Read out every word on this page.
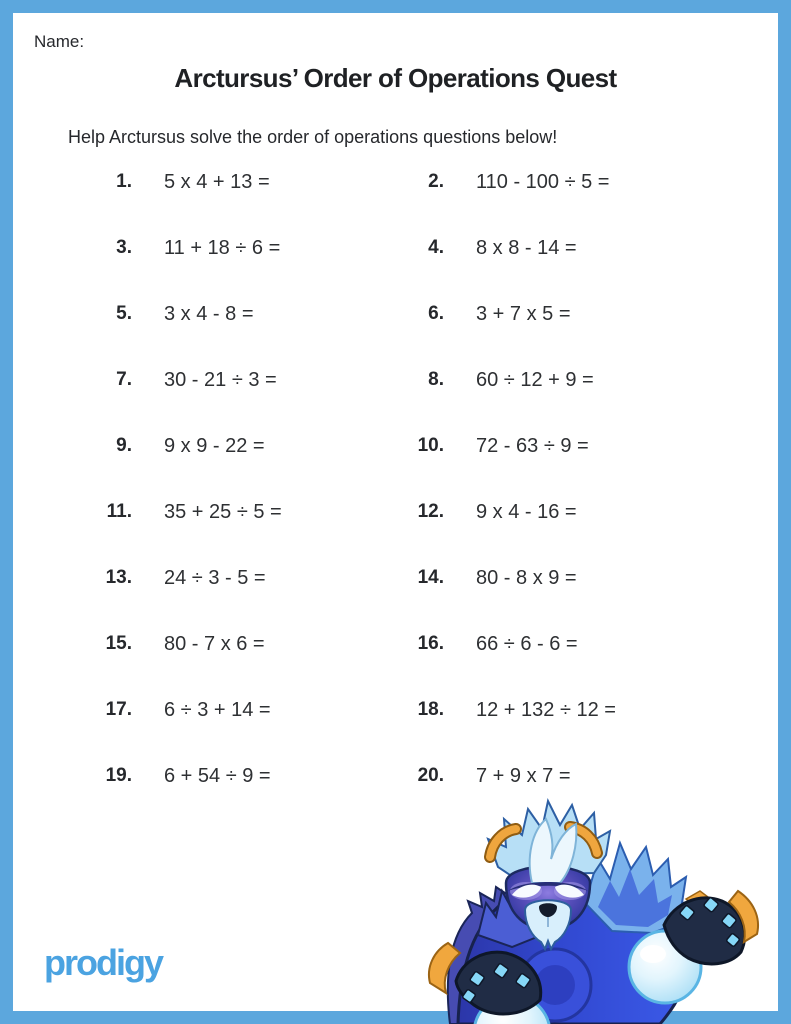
Name:
Arctursus’ Order of Operations Quest
Help Arctursus solve the order of operations questions below!
1. 5 x 4 + 13 =
3. 11 + 18 ÷ 6 =
5. 3 x 4 - 8 =
7. 30 - 21 ÷ 3 =
9. 9 x 9 - 22 =
11. 35 + 25 ÷ 5 =
13. 24 ÷ 3 - 5 =
15. 80 - 7 x 6 =
17. 6 ÷ 3 + 14 =
19. 6 + 54 ÷ 9 =
2. 110 - 100 ÷ 5 =
4. 8 x 8 - 14 =
6. 3 + 7 x 5 =
8. 60 ÷ 12 + 9 =
10. 72 - 63 ÷ 9 =
12. 9 x 4 - 16 =
14. 80 - 8 x 9 =
16. 66 ÷ 6 - 6 =
18. 12 + 132 ÷ 12 =
20. 7 + 9 x 7 =
prodigy
